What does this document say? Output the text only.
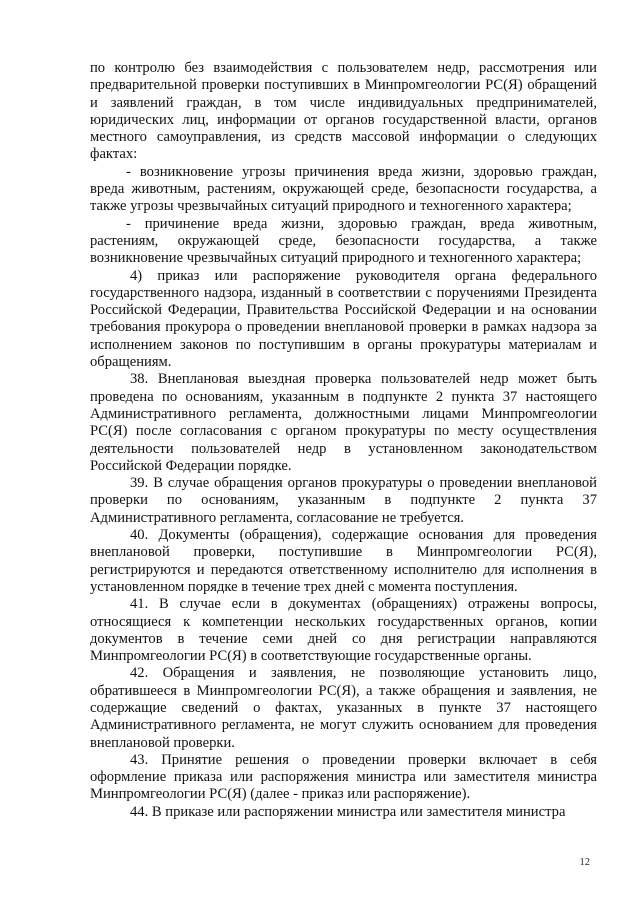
по контролю без взаимодействия с пользователем недр, рассмотрения или предварительной проверки поступивших в Минпромгеологии РС(Я) обращений и заявлений граждан, в том числе индивидуальных предпринимателей, юридических лиц, информации от органов государственной власти, органов местного самоуправления, из средств массовой информации о следующих фактах:

- возникновение угрозы причинения вреда жизни, здоровью граждан, вреда животным, растениям, окружающей среде, безопасности государства, а также угрозы чрезвычайных ситуаций природного и техногенного характера;

- причинение вреда жизни, здоровью граждан, вреда животным, растениям, окружающей среде, безопасности государства, а также возникновение чрезвычайных ситуаций природного и техногенного характера;

4) приказ или распоряжение руководителя органа федерального государственного надзора, изданный в соответствии с поручениями Президента Российской Федерации, Правительства Российской Федерации и на основании требования прокурора о проведении внеплановой проверки в рамках надзора за исполнением законов по поступившим в органы прокуратуры материалам и обращениям.

38. Внеплановая выездная проверка пользователей недр может быть проведена по основаниям, указанным в подпункте 2 пункта 37 настоящего Административного регламента, должностными лицами Минпромгеологии РС(Я) после согласования с органом прокуратуры по месту осуществления деятельности пользователей недр в установленном законодательством Российской Федерации порядке.

39. В случае обращения органов прокуратуры о проведении внеплановой проверки по основаниям, указанным в подпункте 2 пункта 37 Административного регламента, согласование не требуется.

40. Документы (обращения), содержащие основания для проведения внеплановой проверки, поступившие в Минпромгеологии РС(Я), регистрируются и передаются ответственному исполнителю для исполнения в установленном порядке в течение трех дней с момента поступления.

41. В случае если в документах (обращениях) отражены вопросы, относящиеся к компетенции нескольких государственных органов, копии документов в течение семи дней со дня регистрации направляются Минпромгеологии РС(Я) в соответствующие государственные органы.

42. Обращения и заявления, не позволяющие установить лицо, обратившееся в Минпромгеологии РС(Я), а также обращения и заявления, не содержащие сведений о фактах, указанных в пункте 37 настоящего Административного регламента, не могут служить основанием для проведения внеплановой проверки.

43. Принятие решения о проведении проверки включает в себя оформление приказа или распоряжения министра или заместителя министра Минпромгеологии РС(Я) (далее - приказ или распоряжение).

44. В приказе или распоряжении министра или заместителя министра

12
